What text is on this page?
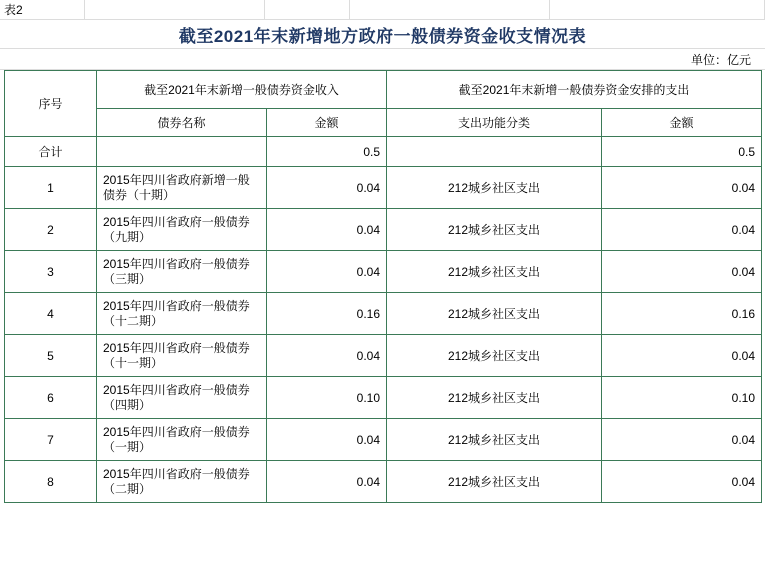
表2
截至2021年末新增地方政府一般债券资金收支情况表
单位：亿元
序号	截至2021年末新增一般债券资金收入		截至2021年末新增一般债券资金安排的支出	
	债券名称	金额	支出功能分类	金额
合计		0.5		0.5
1	2015年四川省政府新增一般债券（十期）	0.04	212城乡社区支出	0.04
2	2015年四川省政府一般债券（九期）	0.04	212城乡社区支出	0.04
3	2015年四川省政府一般债券（三期）	0.04	212城乡社区支出	0.04
4	2015年四川省政府一般债券（十二期）	0.16	212城乡社区支出	0.16
5	2015年四川省政府一般债券（十一期）	0.04	212城乡社区支出	0.04
6	2015年四川省政府一般债券（四期）	0.10	212城乡社区支出	0.10
7	2015年四川省政府一般债券（一期）	0.04	212城乡社区支出	0.04
8	2015年四川省政府一般债券（二期）	0.04	212城乡社区支出	0.04
